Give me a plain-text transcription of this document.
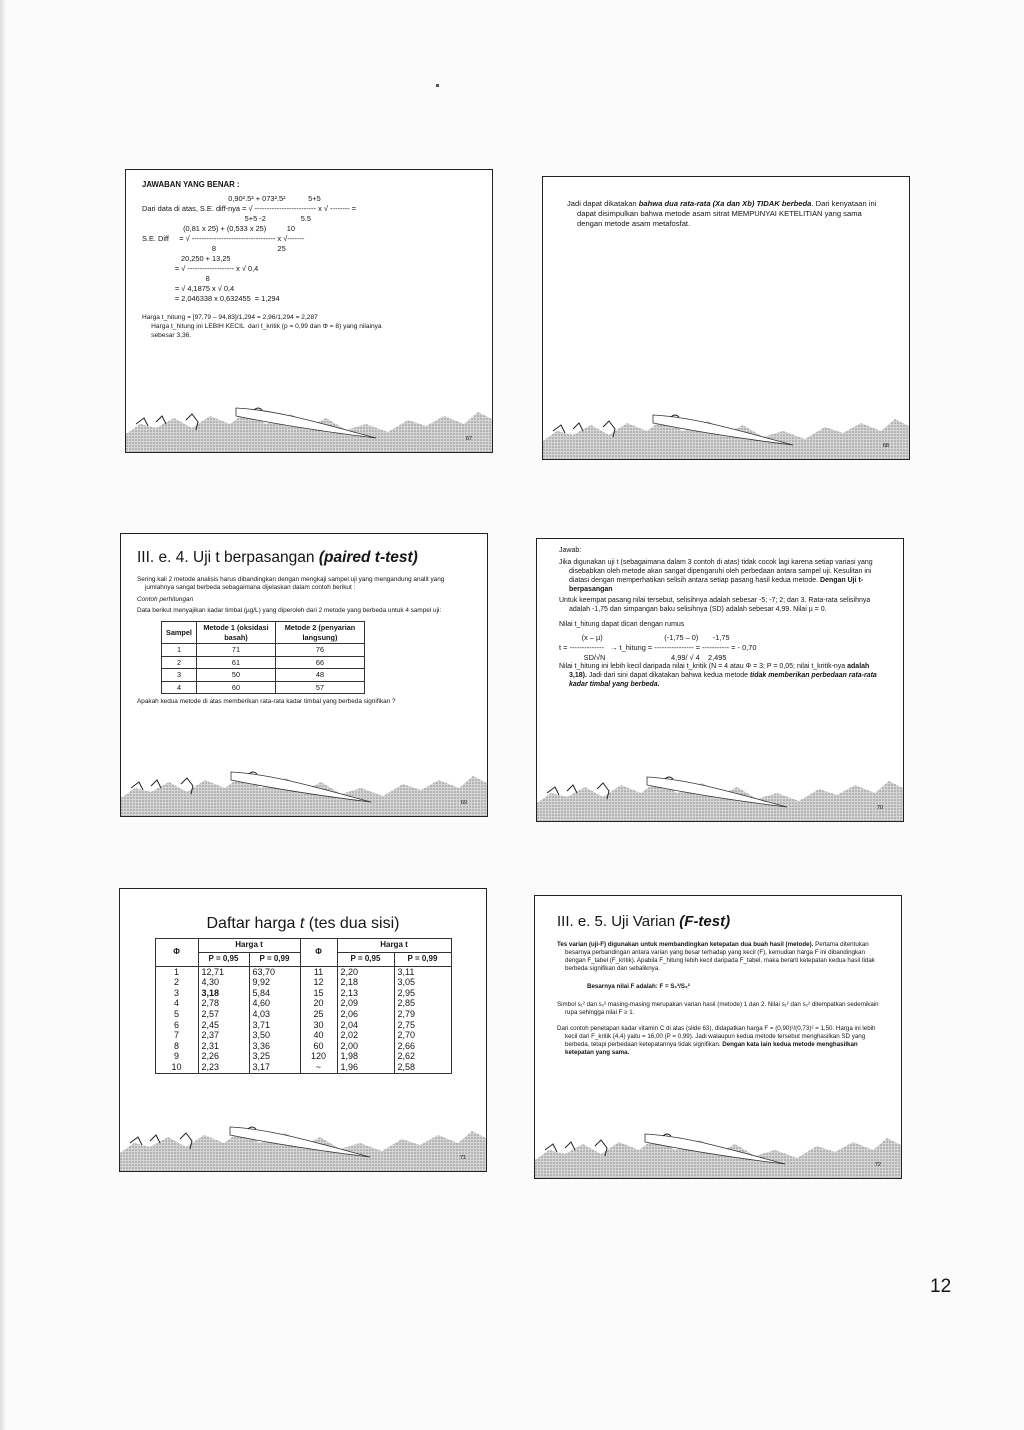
JAWABAN YANG BENAR :
0,90².5² + 073².5²           5+5
Dari data di atas, S.E. diff-nya = √ ------------------------- x √ -------- =
5+5 -2                 5.5
(0,81 x 25) + (0,533 x 25)          10
S.E. Diff     = √ ---------------------------------- x √-------
8                              25
20,250 + 13,25
= √ ------------------- x √ 0,4
8
= √ 4,1875 x √ 0,4
= 2,046338 x 0,632455  = 1,294

Harga t_hitung = [97,79 – 94,83]/1,294 = 2,96/1,294 = 2,287
Harga t_hitung ini LEBIH KECIL  dari t_kritik (p = 0,99 dan Φ = 8) yang nilainya
sebesar 3,36.
67

Jadi dapat dikatakan bahwa dua rata-rata (Xa dan Xb) TIDAK berbeda. Dari kenyataan ini dapat disimpulkan bahwa metode asam sitrat MEMPUNYAI KETELITIAN yang sama dengan metode asam metafosfat.

68
III. e. 4. Uji t berpasangan (paired t-test)

Sering kali 2 metode analisis harus dibandingkan dengan mengkaji sampel uji yang mengandung analit yang jumlahnya sangat berbeda sebagaimana dijelaskan dalam contoh berikut :

Contoh perhitungan

Data berikut menyajikan kadar timbal (µg/L) yang diperoleh dari 2 metode yang berbeda untuk 4 sampel uji:

Sampel	Metode 1 (oksidasi basah)	Metode 2 (penyarian langsung)
1	71	76
2	61	66
3	50	48
4	60	57

Apakah kedua metode di atas memberikan rata-rata kadar timbal yang berbeda signifikan ?

69

Jawab:

Jika digunakan uji t (sebagaimana dalam 3 contoh di atas) tidak cocok lagi karena setiap variasi yang disebabkan oleh metode akan sangat dipengaruhi oleh perbedaan antara sampel uji. Kesulitan ini diatasi dengan memperhatikan selisih antara setiap pasang hasil kedua metode. Dengan Uji t-berpasangan

Untuk keempat pasang nilai tersebut, selisihnya adalah sebesar -5; -7; 2; dan 3. Rata-rata selisihnya adalah -1,75 dan simpangan baku selisihnya (SD) adalah sebesar 4,99. Nilai µ = 0.

Nilai t_hitung dapat dicari dengan rumus

(x – µ)                              (-1,75 – 0)       -1,75
t = --------------   → t_hitung = ---------------- = ----------- = - 0,70
SD/√N                                4,99/ √ 4    2,495

Nilai t_hitung ini lebih kecil daripada nilai t_kritik (N = 4 atau Φ = 3; P = 0,05; nilai t_kritik-nya adalah 3,18). Jadi dari sini dapat dikatakan bahwa kedua metode tidak memberikan perbedaan rata-rata kadar timbal yang berbeda.

70
Daftar harga t (tes dua sisi)
Φ	Harga t		Φ	Harga t	
	P = 0,95	P = 0,99		P = 0,95	P = 0,99
1	12,71	63,70	11	2,20	3,11
2	4,30	9,92	12	2,18	3,05
3	3,18	5,84	15	2,13	2,95
4	2,78	4,60	20	2,09	2,85
5	2,57	4,03	25	2,06	2,79
6	2,45	3,71	30	2,04	2,75
7	2,37	3,50	40	2,02	2,70
8	2,31	3,36	60	2,00	2,66
9	2,26	3,25	120	1,98	2,62
10	2,23	3,17	~	1,96	2,58
71
III. e. 5. Uji Varian (F-test)

Tes varian (uji-F) digunakan untuk membandingkan ketepatan dua buah hasil (metode). Pertama ditentukan besarnya perbandingan antara varian yang besar terhadap yang kecil (F), kemudian harga F ini dibandingkan dengan F_tabel (F_kritik). Apabila F_hitung lebih kecil daripada F_tabel, maka berarti ketepatan kedua hasil tidak berbeda signifikan dan sebaliknya.

Besarnya nilai F adalah: F = S₁²/S₂²

Simbol s₁² dan s₂² masing-masing merupakan varian hasil (metode) 1 dan 2. Nilai s₁² dan s₂² ditempatkan sedemikain rupa sehingga nilai F ≥ 1.

Dari contoh penetapan kadar vitamin C di atas (slide 63), didapatkan harga F = (0,90)²/(0,73)² = 1,50. Harga ini lebih kecil dari F_kritik (4,4) yaitu = 16,00 (P = 0,99). Jadi walaupun kedua metode tersebut menghasilkan SD yang berbeda, tetapi perbedaan ketepatannya tidak signifikan. Dengan kata lain kedua metode menghasilkan ketepatan yang sama.

72
12
